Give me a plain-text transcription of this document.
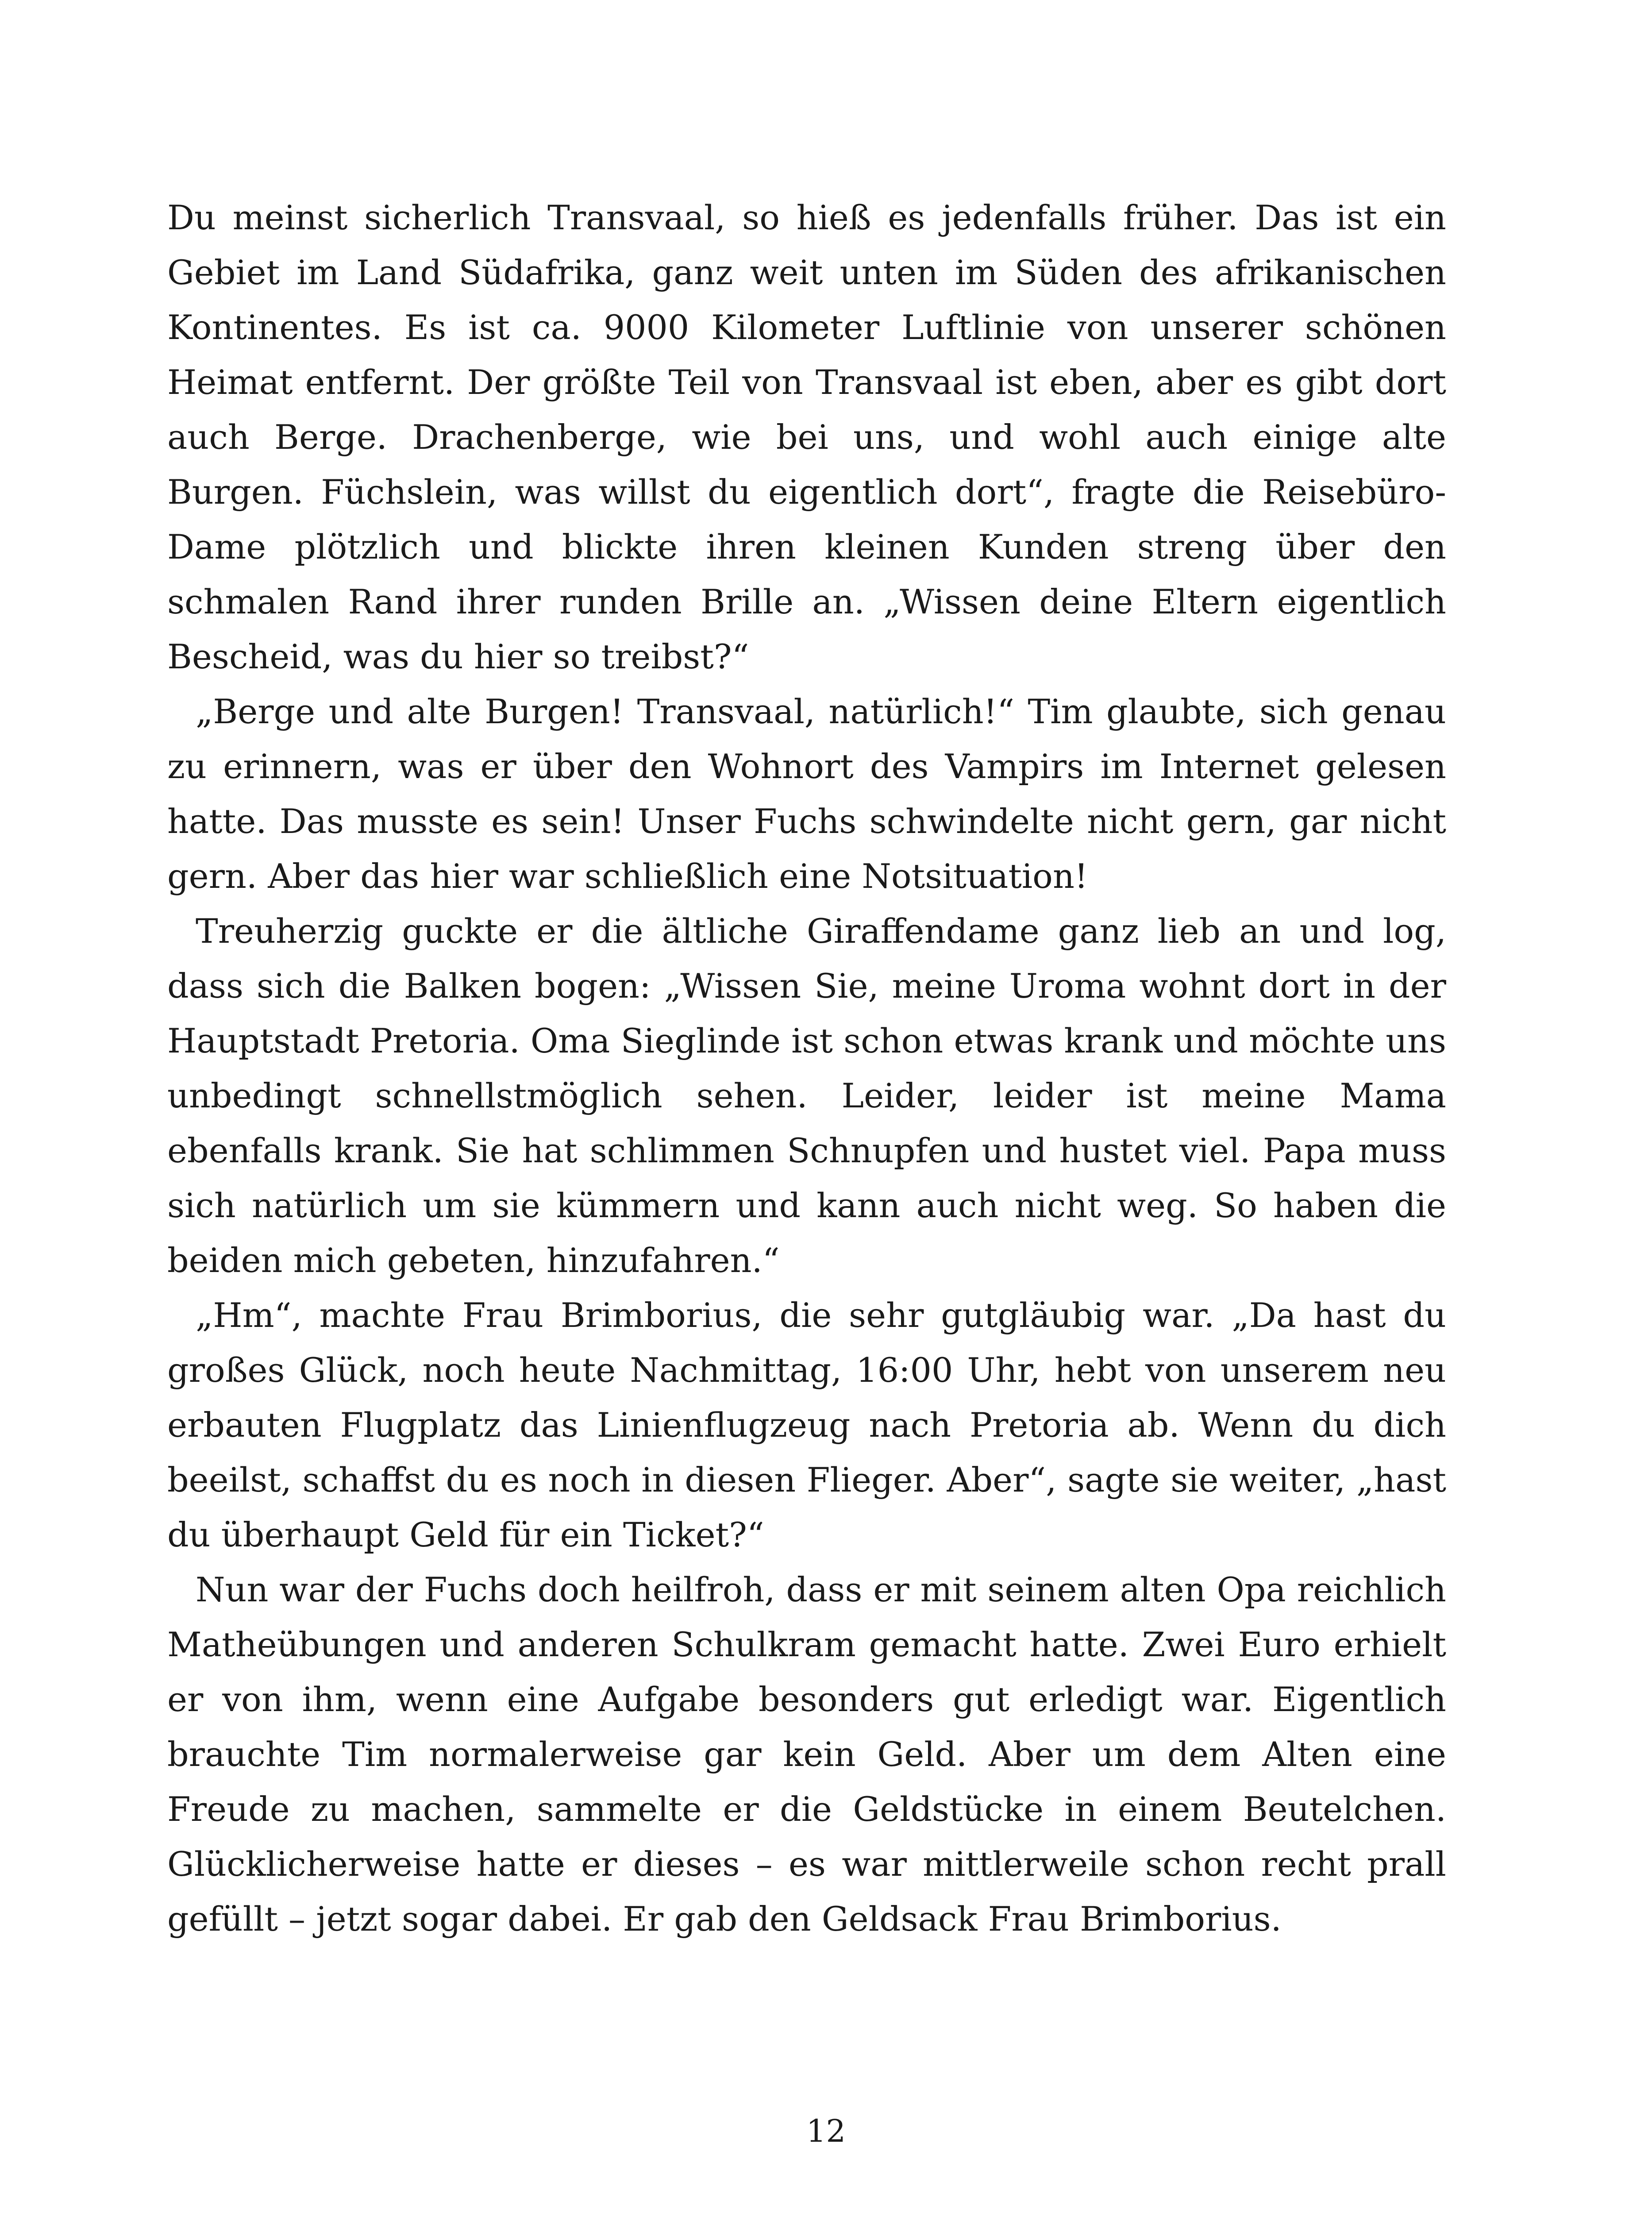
Du meinst sicherlich Transvaal, so hieß es jedenfalls früher. Das ist ein Gebiet im Land Südafrika, ganz weit unten im Süden des afrikanischen Kontinentes. Es ist ca. 9000 Kilometer Luftlinie von unserer schönen Heimat entfernt. Der größte Teil von Transvaal ist eben, aber es gibt dort auch Berge. Drachenberge, wie bei uns, und wohl auch einige alte Burgen. Füchslein, was willst du eigentlich dort“, fragte die Reisebüro-Dame plötzlich und blickte ihren kleinen Kunden streng über den schmalen Rand ihrer runden Brille an. „Wissen deine Eltern eigentlich Bescheid, was du hier so treibst?“

„Berge und alte Burgen! Transvaal, natürlich!“ Tim glaubte, sich genau zu erinnern, was er über den Wohnort des Vampirs im Internet gelesen hatte. Das musste es sein! Unser Fuchs schwindelte nicht gern, gar nicht gern. Aber das hier war schließlich eine Notsituation!

Treuherzig guckte er die ältliche Giraffendame ganz lieb an und log, dass sich die Balken bogen: „Wissen Sie, meine Uroma wohnt dort in der Hauptstadt Pretoria. Oma Sieglinde ist schon etwas krank und möchte uns unbedingt schnellstmöglich sehen. Leider, leider ist meine Mama ebenfalls krank. Sie hat schlimmen Schnupfen und hustet viel. Papa muss sich natürlich um sie kümmern und kann auch nicht weg. So haben die beiden mich gebeten, hinzufahren.“

„Hm“, machte Frau Brimborius, die sehr gutgläubig war. „Da hast du großes Glück, noch heute Nachmittag, 16:00 Uhr, hebt von unserem neu erbauten Flugplatz das Linienflugzeug nach Pretoria ab. Wenn du dich beeilst, schaffst du es noch in diesen Flieger. Aber“, sagte sie weiter, „hast du überhaupt Geld für ein Ticket?“

Nun war der Fuchs doch heilfroh, dass er mit seinem alten Opa reichlich Matheübungen und anderen Schulkram gemacht hatte. Zwei Euro erhielt er von ihm, wenn eine Aufgabe besonders gut erledigt war. Eigentlich brauchte Tim normalerweise gar kein Geld. Aber um dem Alten eine Freude zu machen, sammelte er die Geldstücke in einem Beutelchen. Glücklicherweise hatte er dieses – es war mittlerweile schon recht prall gefüllt – jetzt sogar dabei. Er gab den Geldsack Frau Brimborius.

12
